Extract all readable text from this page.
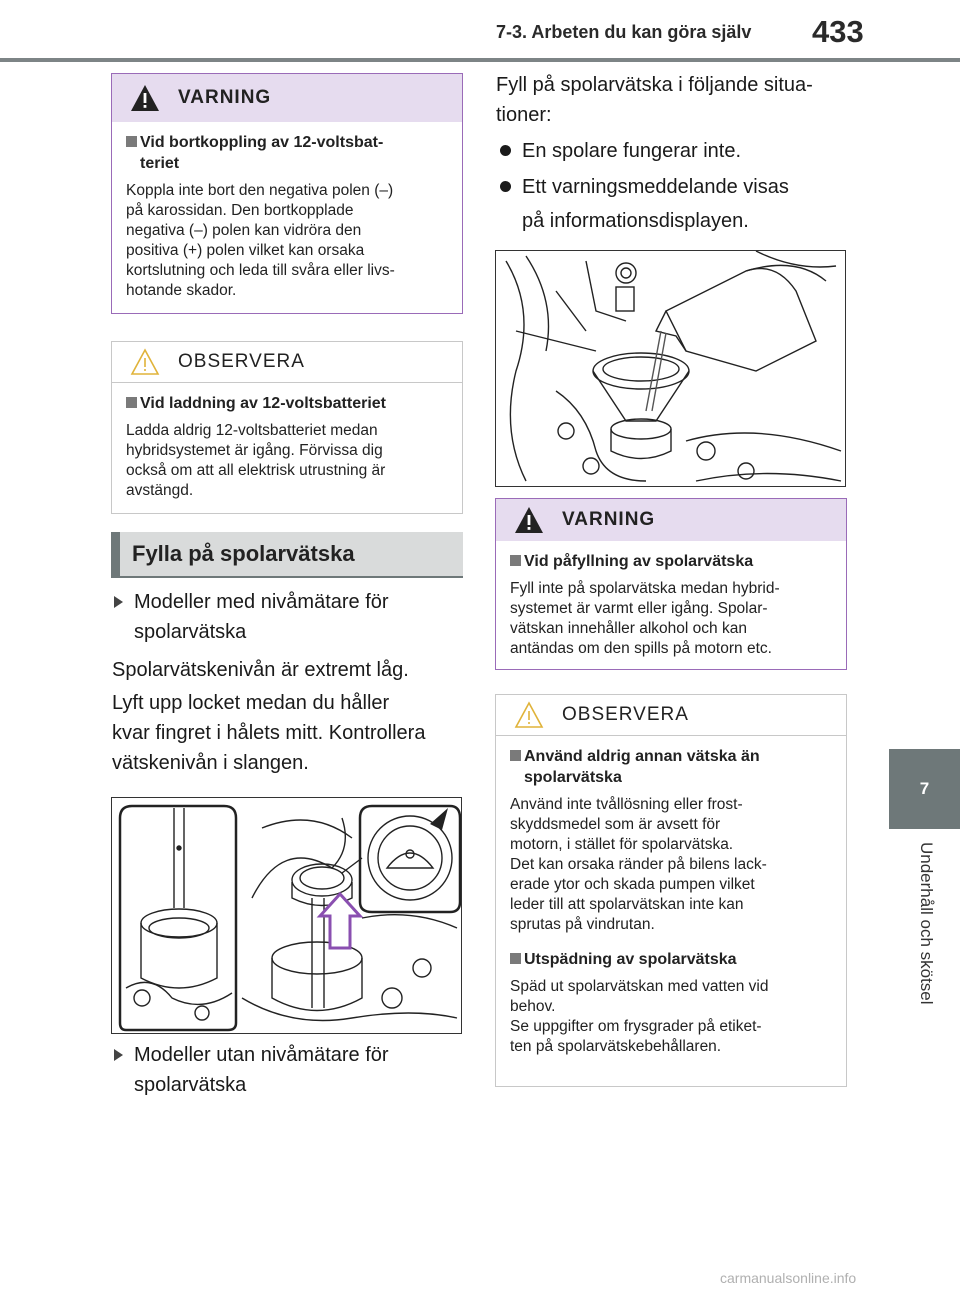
7-3. Arbeten du kan göra själv 433
7
Underhåll och skötsel
VARNING
Vid bortkoppling av 12-voltsbat-
teriet
Koppla inte bort den negativa polen (–)
på karossidan. Den bortkopplade
negativa (–) polen kan vidröra den
positiva (+) polen vilket kan orsaka
kortslutning och leda till svåra eller livs-
hotande skador.
OBSERVERA
Vid laddning av 12-voltsbatteriet
Ladda aldrig 12-voltsbatteriet medan
hybridsystemet är igång. Förvissa dig
också om att all elektrisk utrustning är
avstängd.
Fylla på spolarvätska
Modeller med nivåmätare för
spolarvätska
Spolarvätskenivån är extremt låg.
Lyft upp locket medan du håller
kvar fingret i hålets mitt. Kontrollera
vätskenivån i slangen.
Modeller utan nivåmätare för
spolarvätska
Fyll på spolarvätska i följande situa-
tioner:
En spolare fungerar inte.
Ett varningsmeddelande visas
på informationsdisplayen.
VARNING
Vid påfyllning av spolarvätska
Fyll inte på spolarvätska medan hybrid-
systemet är varmt eller igång. Spolar-
vätskan innehåller alkohol och kan
antändas om den spills på motorn etc.
OBSERVERA
Använd aldrig annan vätska än
spolarvätska
Använd inte tvållösning eller frost-
skyddsmedel som är avsett för
motorn, i stället för spolarvätska.
Det kan orsaka ränder på bilens lack-
erade ytor och skada pumpen vilket
leder till att spolarvätskan inte kan
sprutas på vindrutan.
Utspädning av spolarvätska
Späd ut spolarvätskan med vatten vid
behov.
Se uppgifter om frysgrader på etiket-
ten på spolarvätskebehållaren.
carmanualsonline.info
